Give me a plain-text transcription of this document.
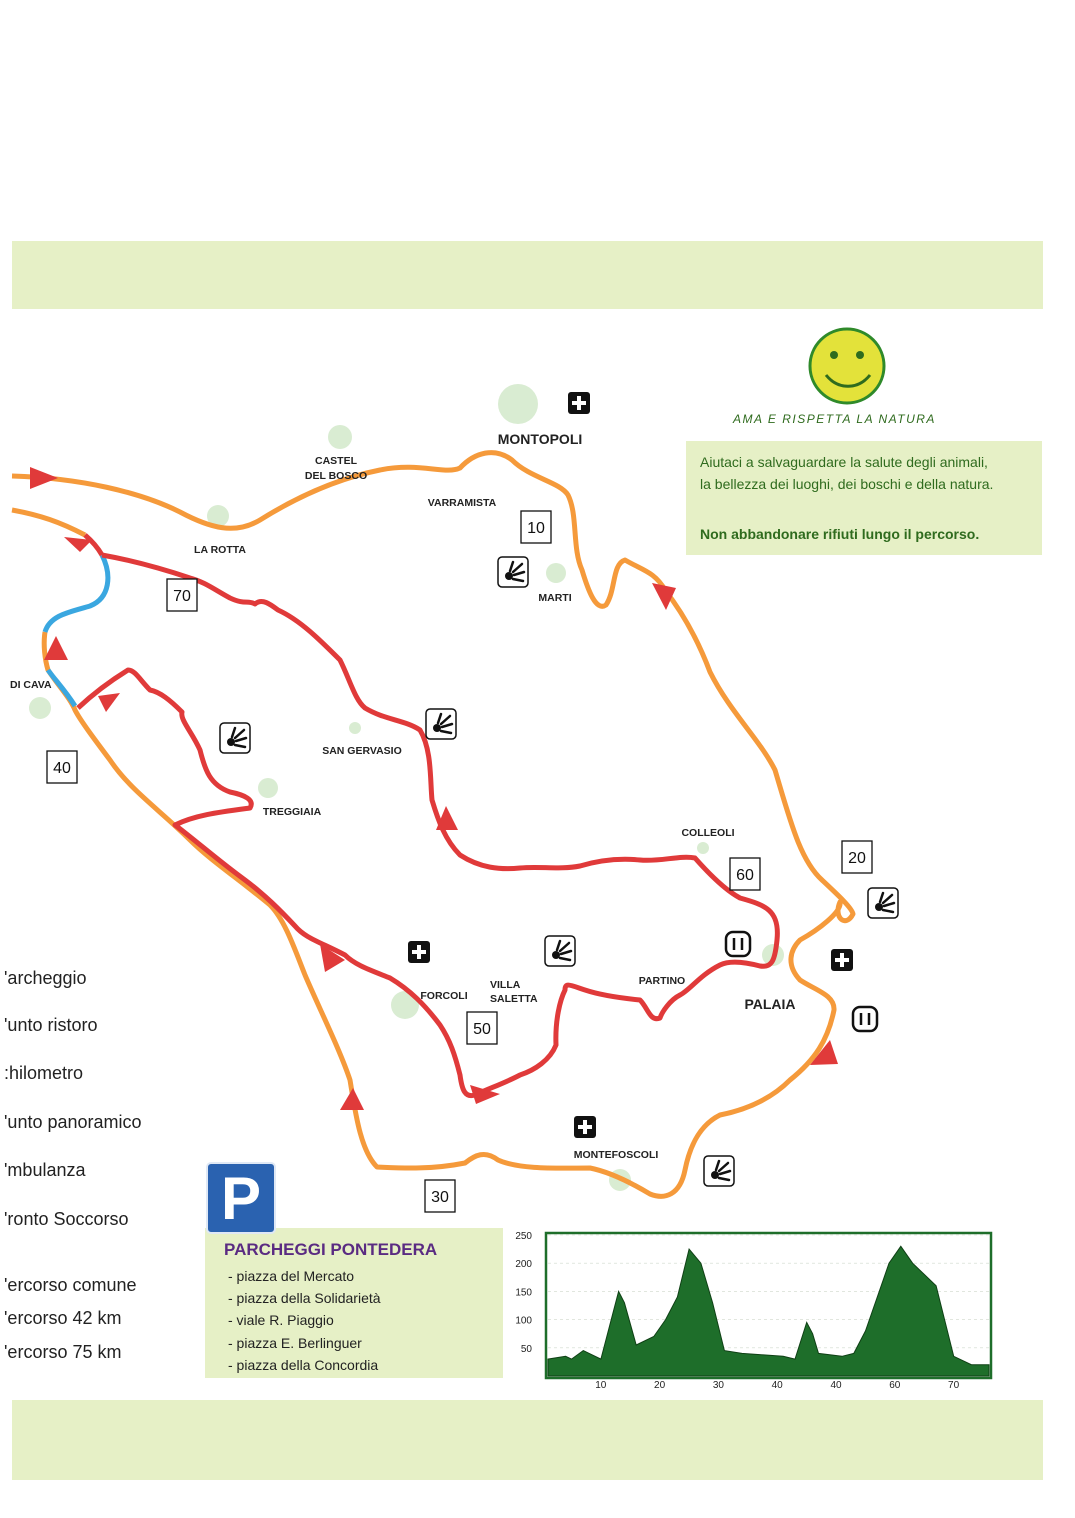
Aiutaci a salvaguardare la salute degli animali,

la bellezza dei luoghi, dei boschi e della natura.

Non abbandonare rifiuti lungo il percorso.

AMA E RISPETTA LA NATURA
MONTOPOLI
CASTEL
DEL BOSCO
VARRAMISTA
LA ROTTA
MARTI
DI CAVA
SAN GERVASIO
TREGGIAIA
COLLEOLI
FORCOLI
VILLA
SALETTA
PARTINO
PALAIA
MONTEFOSCOLI
10
20
30
40
50
60
70
250
200
150
100
50
10	20	30	40	40	60	70
P
PARCHEGGI PONTEDERA
- piazza del Mercato
- piazza della Solidarietà
- viale R. Piaggio
- piazza E. Berlinguer
- piazza della Concordia
'archeggio
'unto ristoro
:hilometro
'unto panoramico
'mbulanza
'ronto Soccorso
'ercorso comune
'ercorso 42 km
'ercorso 75 km
